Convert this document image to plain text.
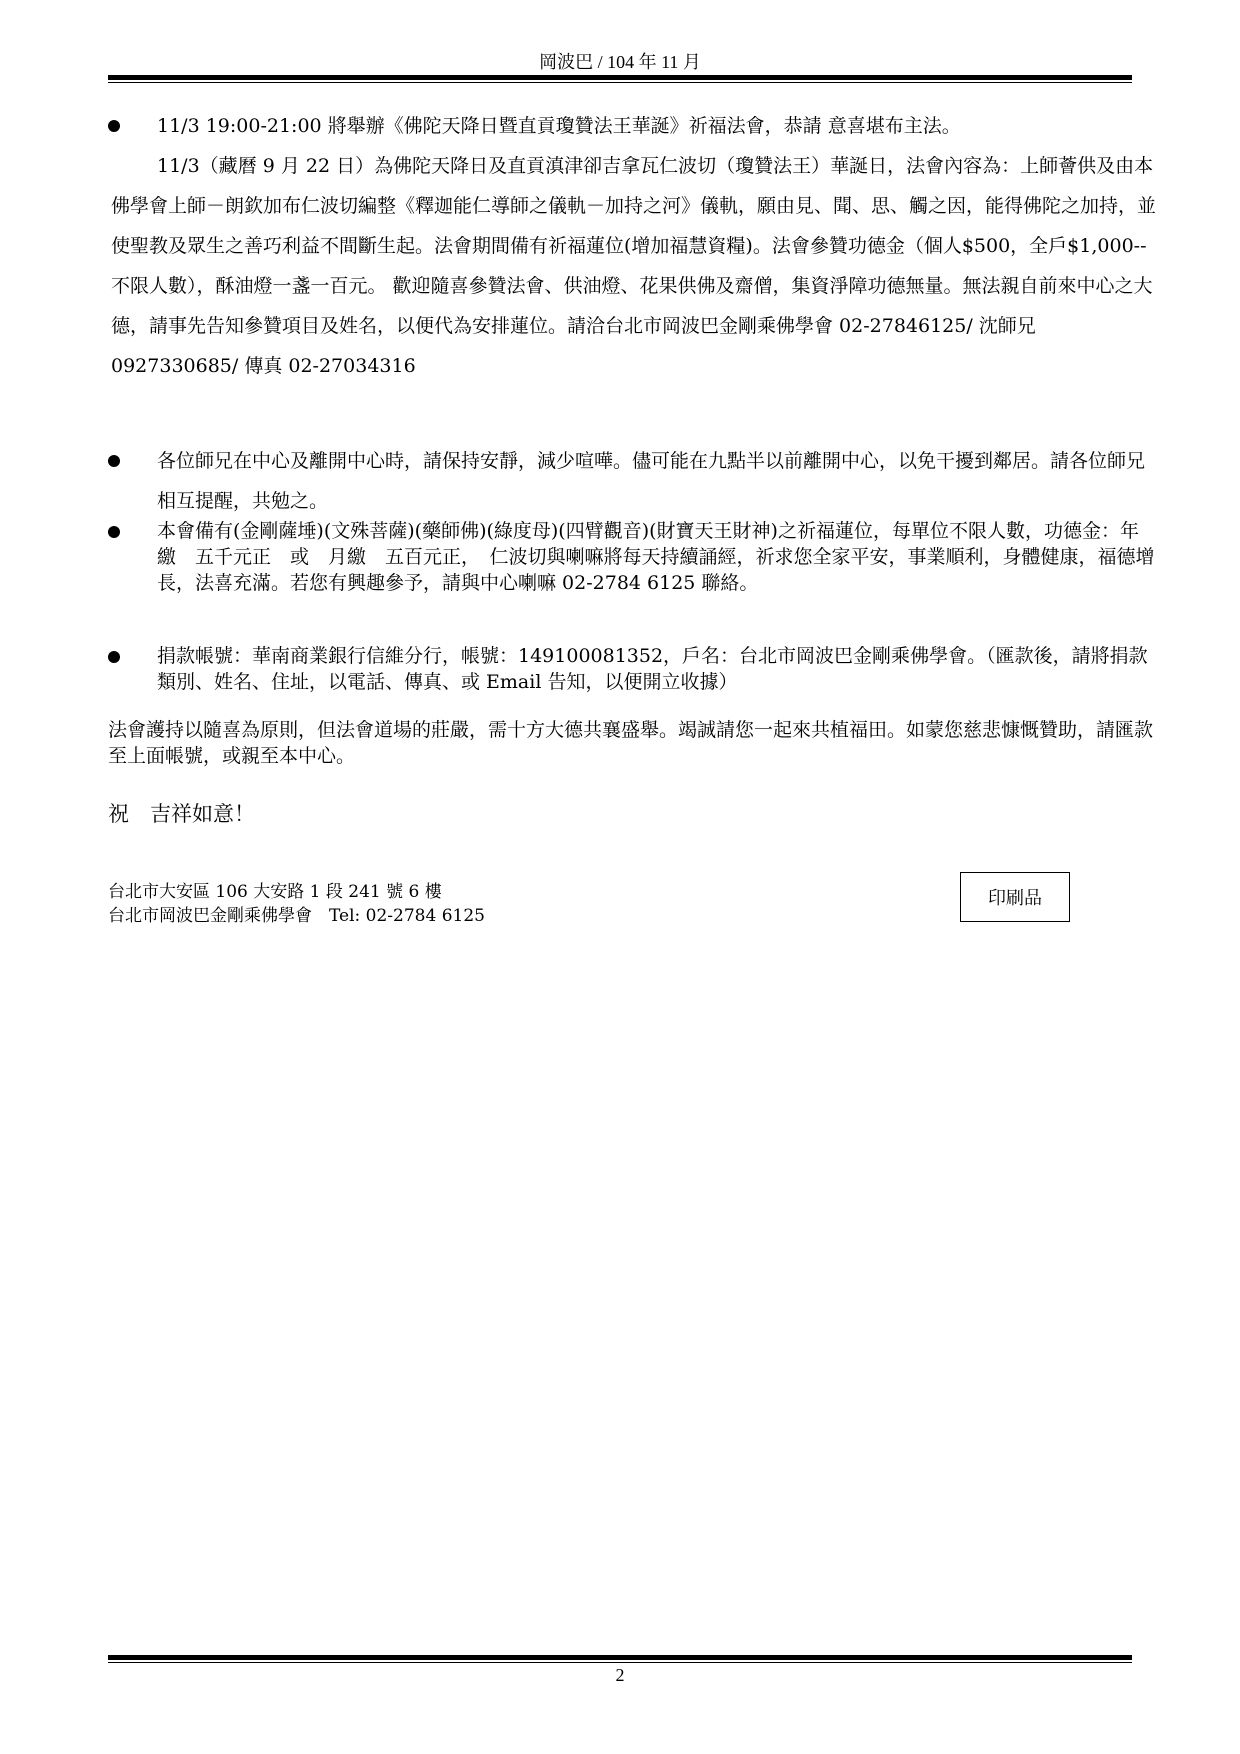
岡波巴 / 104 年 11 月
11/3 19:00-21:00 將舉辦《佛陀天降日暨直貢瓊贊法王華誕》祈福法會，恭請 意喜堪布主法。
11/3（藏曆 9 月 22 日）為佛陀天降日及直貢滇津卻吉拿瓦仁波切（瓊贊法王）華誕日，法會內容為：上師薈供及由本佛學會上師－朗欽加布仁波切編整《釋迦能仁導師之儀軌－加持之河》儀軌，願由見、聞、思、觸之因，能得佛陀之加持，並使聖教及眾生之善巧利益不間斷生起。法會期間備有祈福蓮位(增加福慧資糧)。法會參贊功德金（個人$500，全戶$1,000--不限人數），酥油燈一盞一百元。 歡迎隨喜參贊法會、供油燈、花果供佛及齋僧，集資淨障功德無量。無法親自前來中心之大德，請事先告知參贊項目及姓名，以便代為安排蓮位。請洽台北市岡波巴金剛乘佛學會 02-27846125/ 沈師兄 0927330685/ 傳真 02-27034316
各位師兄在中心及離開中心時，請保持安靜，減少喧嘩。儘可能在九點半以前離開中心，以免干擾到鄰居。請各位師兄相互提醒，共勉之。
本會備有(金剛薩埵)(文殊菩薩)(藥師佛)(綠度母)(四臂觀音)(財寶天王財神)之祈福蓮位，每單位不限人數，功德金：年繳　五千元正　或　月繳　五百元正，　仁波切與喇嘛將每天持續誦經，祈求您全家平安，事業順利，身體健康，福德增長，法喜充滿。若您有興趣參予，請與中心喇嘛 02-2784 6125 聯絡。
捐款帳號：華南商業銀行信維分行，帳號：149100081352，戶名：台北市岡波巴金剛乘佛學會。（匯款後，請將捐款類別、姓名、住址，以電話、傳真、或 Email 告知，以便開立收據）
法會護持以隨喜為原則，但法會道場的莊嚴，需十方大德共襄盛舉。竭誠請您一起來共植福田。如蒙您慈悲慷慨贊助，請匯款至上面帳號，或親至本中心。
祝　吉祥如意！
台北市大安區 106 大安路 1 段 241 號 6 樓
台北市岡波巴金剛乘佛學會　Tel: 02-2784 6125
印刷品
2
